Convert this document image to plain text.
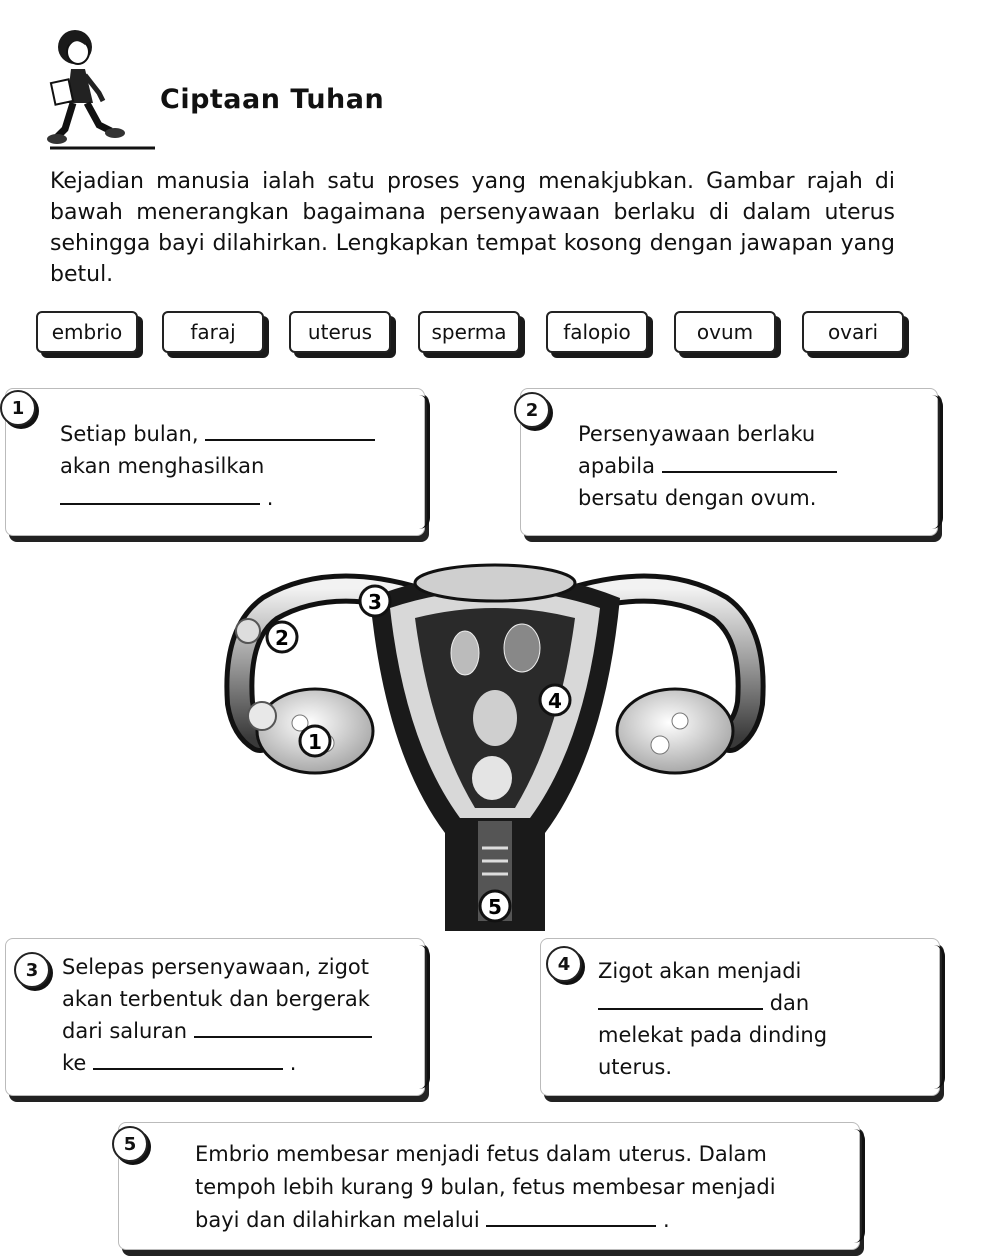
Ciptaan Tuhan
Kejadian manusia ialah satu proses yang menakjubkan. Gambar rajah di bawah menerangkan bagaimana persenyawaan berlaku di dalam uterus sehingga bayi dilahirkan. Lengkapkan tempat kosong dengan jawapan yang betul.
embrio	faraj	uterus	sperma	falopio	ovum	ovari
1
Setiap bulan,
akan menghasilkan
.
2
Persenyawaan berlaku
apabila
bersatu dengan ovum.
3
2
4
1
5
3	Selepas persenyawaan, zigot
akan terbentuk dan bergerak
dari saluran
ke	.
4	Zigot akan menjadi
dan
melekat pada dinding
uterus.
5	Embrio membesar menjadi fetus dalam uterus. Dalam
tempoh lebih kurang 9 bulan, fetus membesar menjadi
bayi dan dilahirkan melalui	.
